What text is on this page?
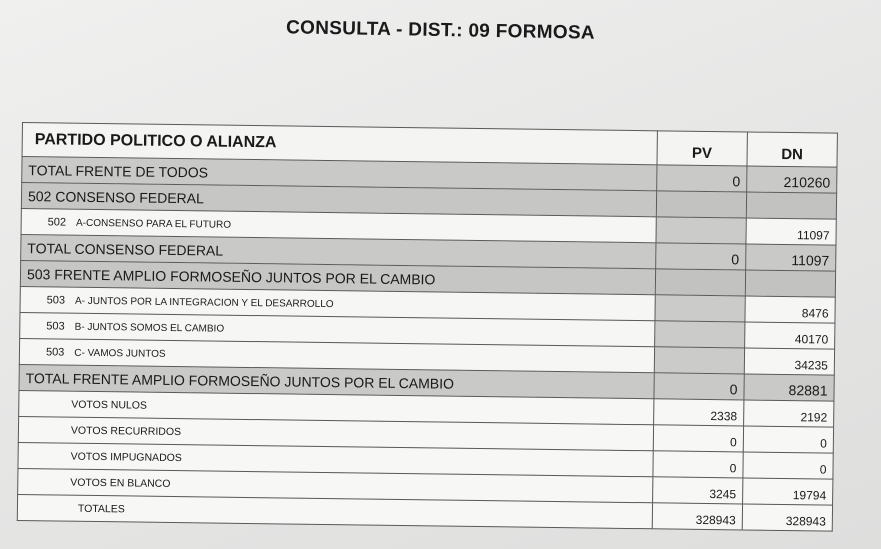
CONSULTA - DIST.: 09 FORMOSA
PARTIDO POLITICO O ALIANZA	PV	DN
TOTAL FRENTE DE TODOS	0	210260
502 CONSENSO FEDERAL		
502 A-CONSENSO PARA EL FUTURO		11097
TOTAL CONSENSO FEDERAL	0	11097
503 FRENTE AMPLIO FORMOSEÑO JUNTOS POR EL CAMBIO		
503 A- JUNTOS POR LA INTEGRACION Y EL DESARROLLO		8476
503 B- JUNTOS SOMOS EL CAMBIO		40170
503 C- VAMOS JUNTOS		34235
TOTAL FRENTE AMPLIO FORMOSEÑO JUNTOS POR EL CAMBIO	0	82881
VOTOS NULOS	2338	2192
VOTOS RECURRIDOS	0	0
VOTOS IMPUGNADOS	0	0
VOTOS EN BLANCO	3245	19794
TOTALES	328943	328943
